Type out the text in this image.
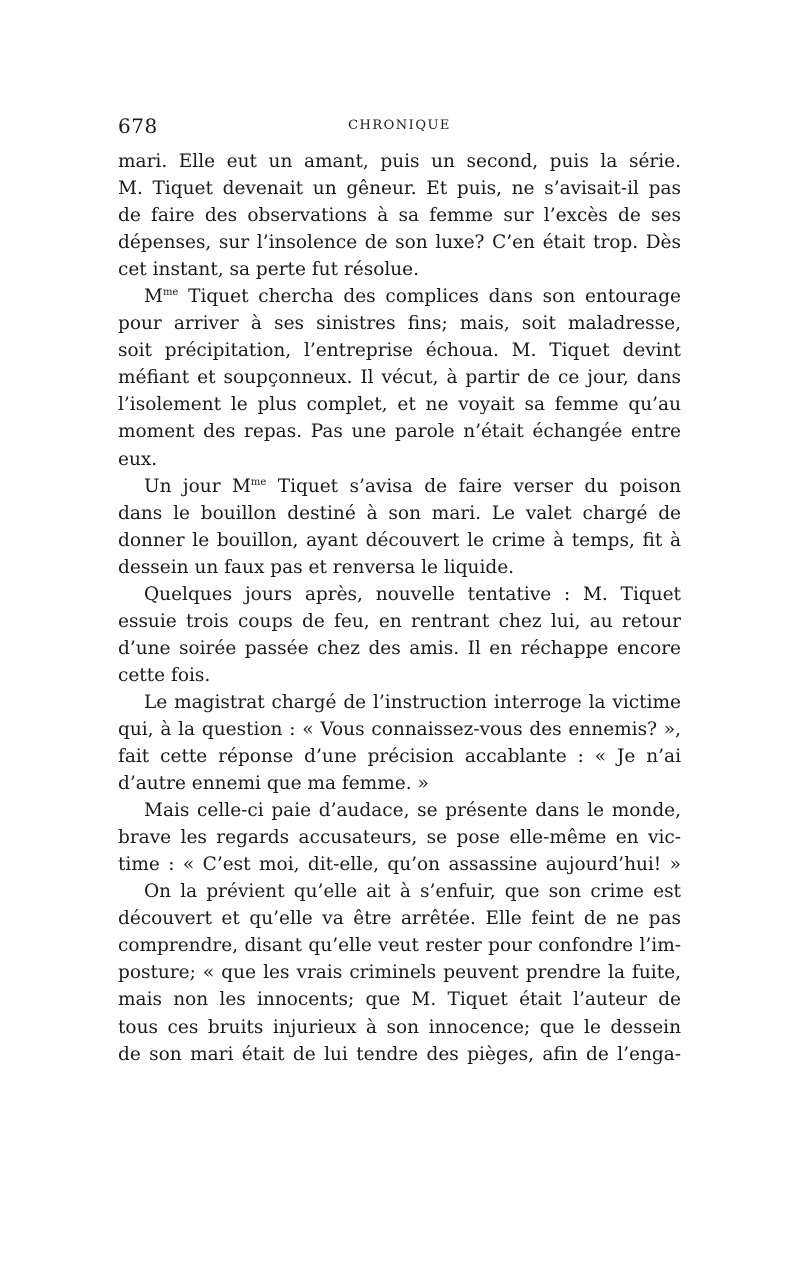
678	CHRONIQUE
mari. Elle eut un amant, puis un second, puis la série.
M. Tiquet devenait un gêneur. Et puis, ne s’avisait-il pas
de faire des observations à sa femme sur l’excès de ses
dépenses, sur l’insolence de son luxe? C’en était trop. Dès
cet instant, sa perte fut résolue.
$M^{me}$ Tiquet chercha des complices dans son entourage
pour arriver à ses sinistres fins; mais, soit maladresse,
soit précipitation, l’entreprise échoua. M. Tiquet devint
méfiant et soupçonneux. Il vécut, à partir de ce jour, dans
l’isolement le plus complet, et ne voyait sa femme qu’au
moment des repas. Pas une parole n’était échangée entre
eux.
Un jour $M^{me}$ Tiquet s’avisa de faire verser du poison
dans le bouillon destiné à son mari. Le valet chargé de
donner le bouillon, ayant découvert le crime à temps, fit à
dessein un faux pas et renversa le liquide.
Quelques jours après, nouvelle tentative : M. Tiquet
essuie trois coups de feu, en rentrant chez lui, au retour
d’une soirée passée chez des amis. Il en réchappe encore
cette fois.
Le magistrat chargé de l’instruction interroge la victime
qui, à la question : « Vous connaissez-vous des ennemis? »,
fait cette réponse d’une précision accablante : « Je n’ai
d’autre ennemi que ma femme. »
Mais celle-ci paie d’audace, se présente dans le monde,
brave les regards accusateurs, se pose elle-même en vic-
time : « C’est moi, dit-elle, qu’on assassine aujourd’hui! »
On la prévient qu’elle ait à s’enfuir, que son crime est
découvert et qu’elle va être arrêtée. Elle feint de ne pas
comprendre, disant qu’elle veut rester pour confondre l’im-
posture; « que les vrais criminels peuvent prendre la fuite,
mais non les innocents; que M. Tiquet était l’auteur de
tous ces bruits injurieux à son innocence; que le dessein
de son mari était de lui tendre des pièges, afin de l’enga-
